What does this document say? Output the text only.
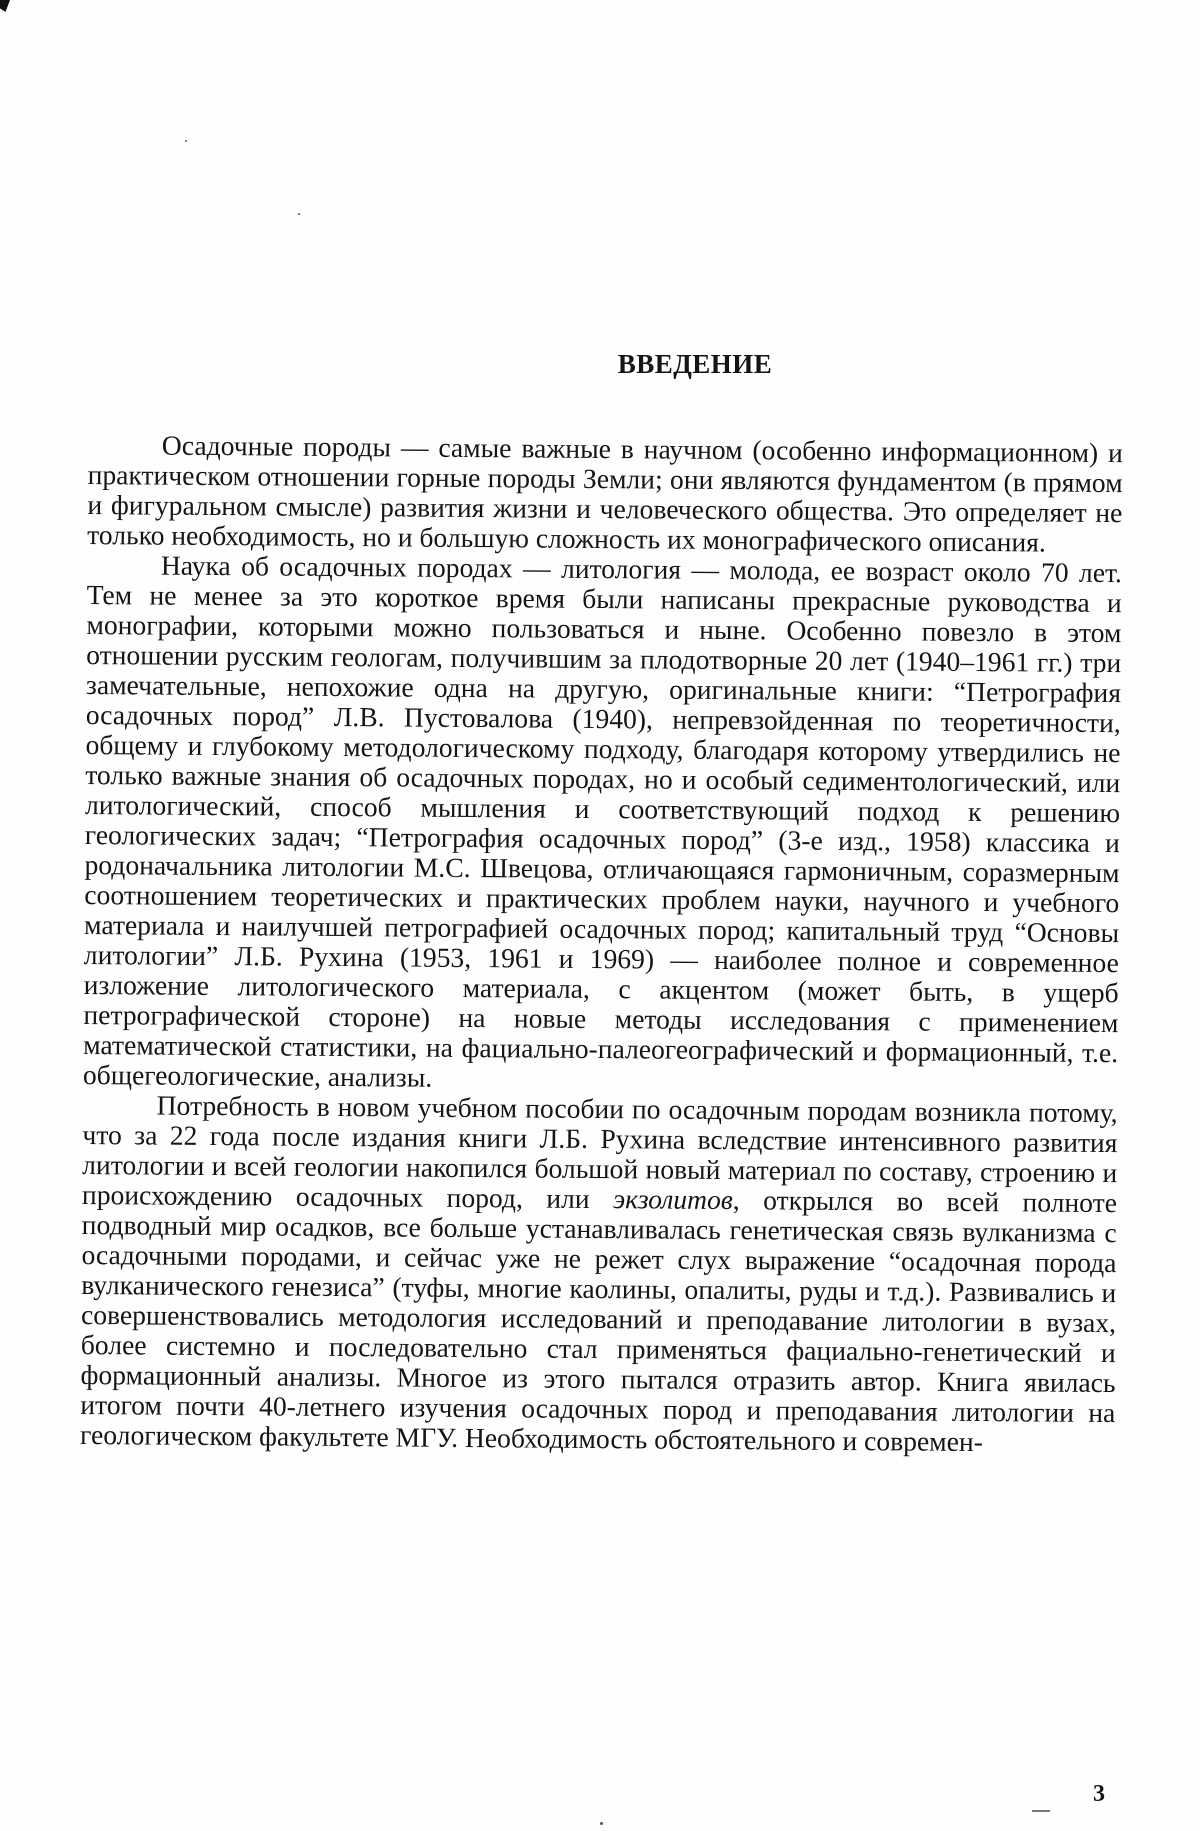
ВВЕДЕНИЕ

Осадочные породы — самые важные в научном (особенно информационном) и практическом отношении горные породы Земли; они являются фундаментом (в прямом и фигуральном смысле) развития жизни и человеческого общества. Это определяет не только необходимость, но и большую сложность их монографического описания.

Наука об осадочных породах — литология — молода, ее возраст около 70 лет. Тем не менее за это короткое время были написаны прекрасные руководства и монографии, которыми можно пользоваться и ныне. Особенно повезло в этом отношении русским геологам, получившим за плодотворные 20 лет (1940–1961 гг.) три замечательные, непохожие одна на другую, оригинальные книги: “Петрография осадочных пород” Л.В. Пустовалова (1940), непревзойденная по теоретичности, общему и глубокому методологическому подходу, благодаря которому утвердились не только важные знания об осадочных породах, но и особый седиментологический, или литологический, способ мышления и соответствующий подход к решению геологических задач; “Петрография осадочных пород” (3-е изд., 1958) классика и родоначальника литологии М.С. Швецова, отличающаяся гармоничным, соразмерным соотношением теоретических и практических проблем науки, научного и учебного материала и наилучшей петрографией осадочных пород; капитальный труд “Основы литологии” Л.Б. Рухина (1953, 1961 и 1969) — наиболее полное и современное изложение литологического материала, с акцентом (может быть, в ущерб петрографической стороне) на новые методы исследования с применением математической статистики, на фациально-палеогеографический и формационный, т.е. общегеологические, анализы.

Потребность в новом учебном пособии по осадочным породам возникла потому, что за 22 года после издания книги Л.Б. Рухина вследствие интенсивного развития литологии и всей геологии накопился большой новый материал по составу, строению и происхождению осадочных пород, или экзолитов, открылся во всей полноте подводный мир осадков, все больше устанавливалась генетическая связь вулканизма с осадочными породами, и сейчас уже не режет слух выражение “осадочная порода вулканического генезиса” (туфы, многие каолины, опалиты, руды и т.д.). Развивались и совершенствовались методология исследований и преподавание литологии в вузах, более системно и последовательно стал применяться фациально-генетический и формационный анализы. Многое из этого пытался отразить автор. Книга явилась итогом почти 40-летнего изучения осадочных пород и преподавания литологии на геологическом факультете МГУ. Необходимость обстоятельного и современ-

3
